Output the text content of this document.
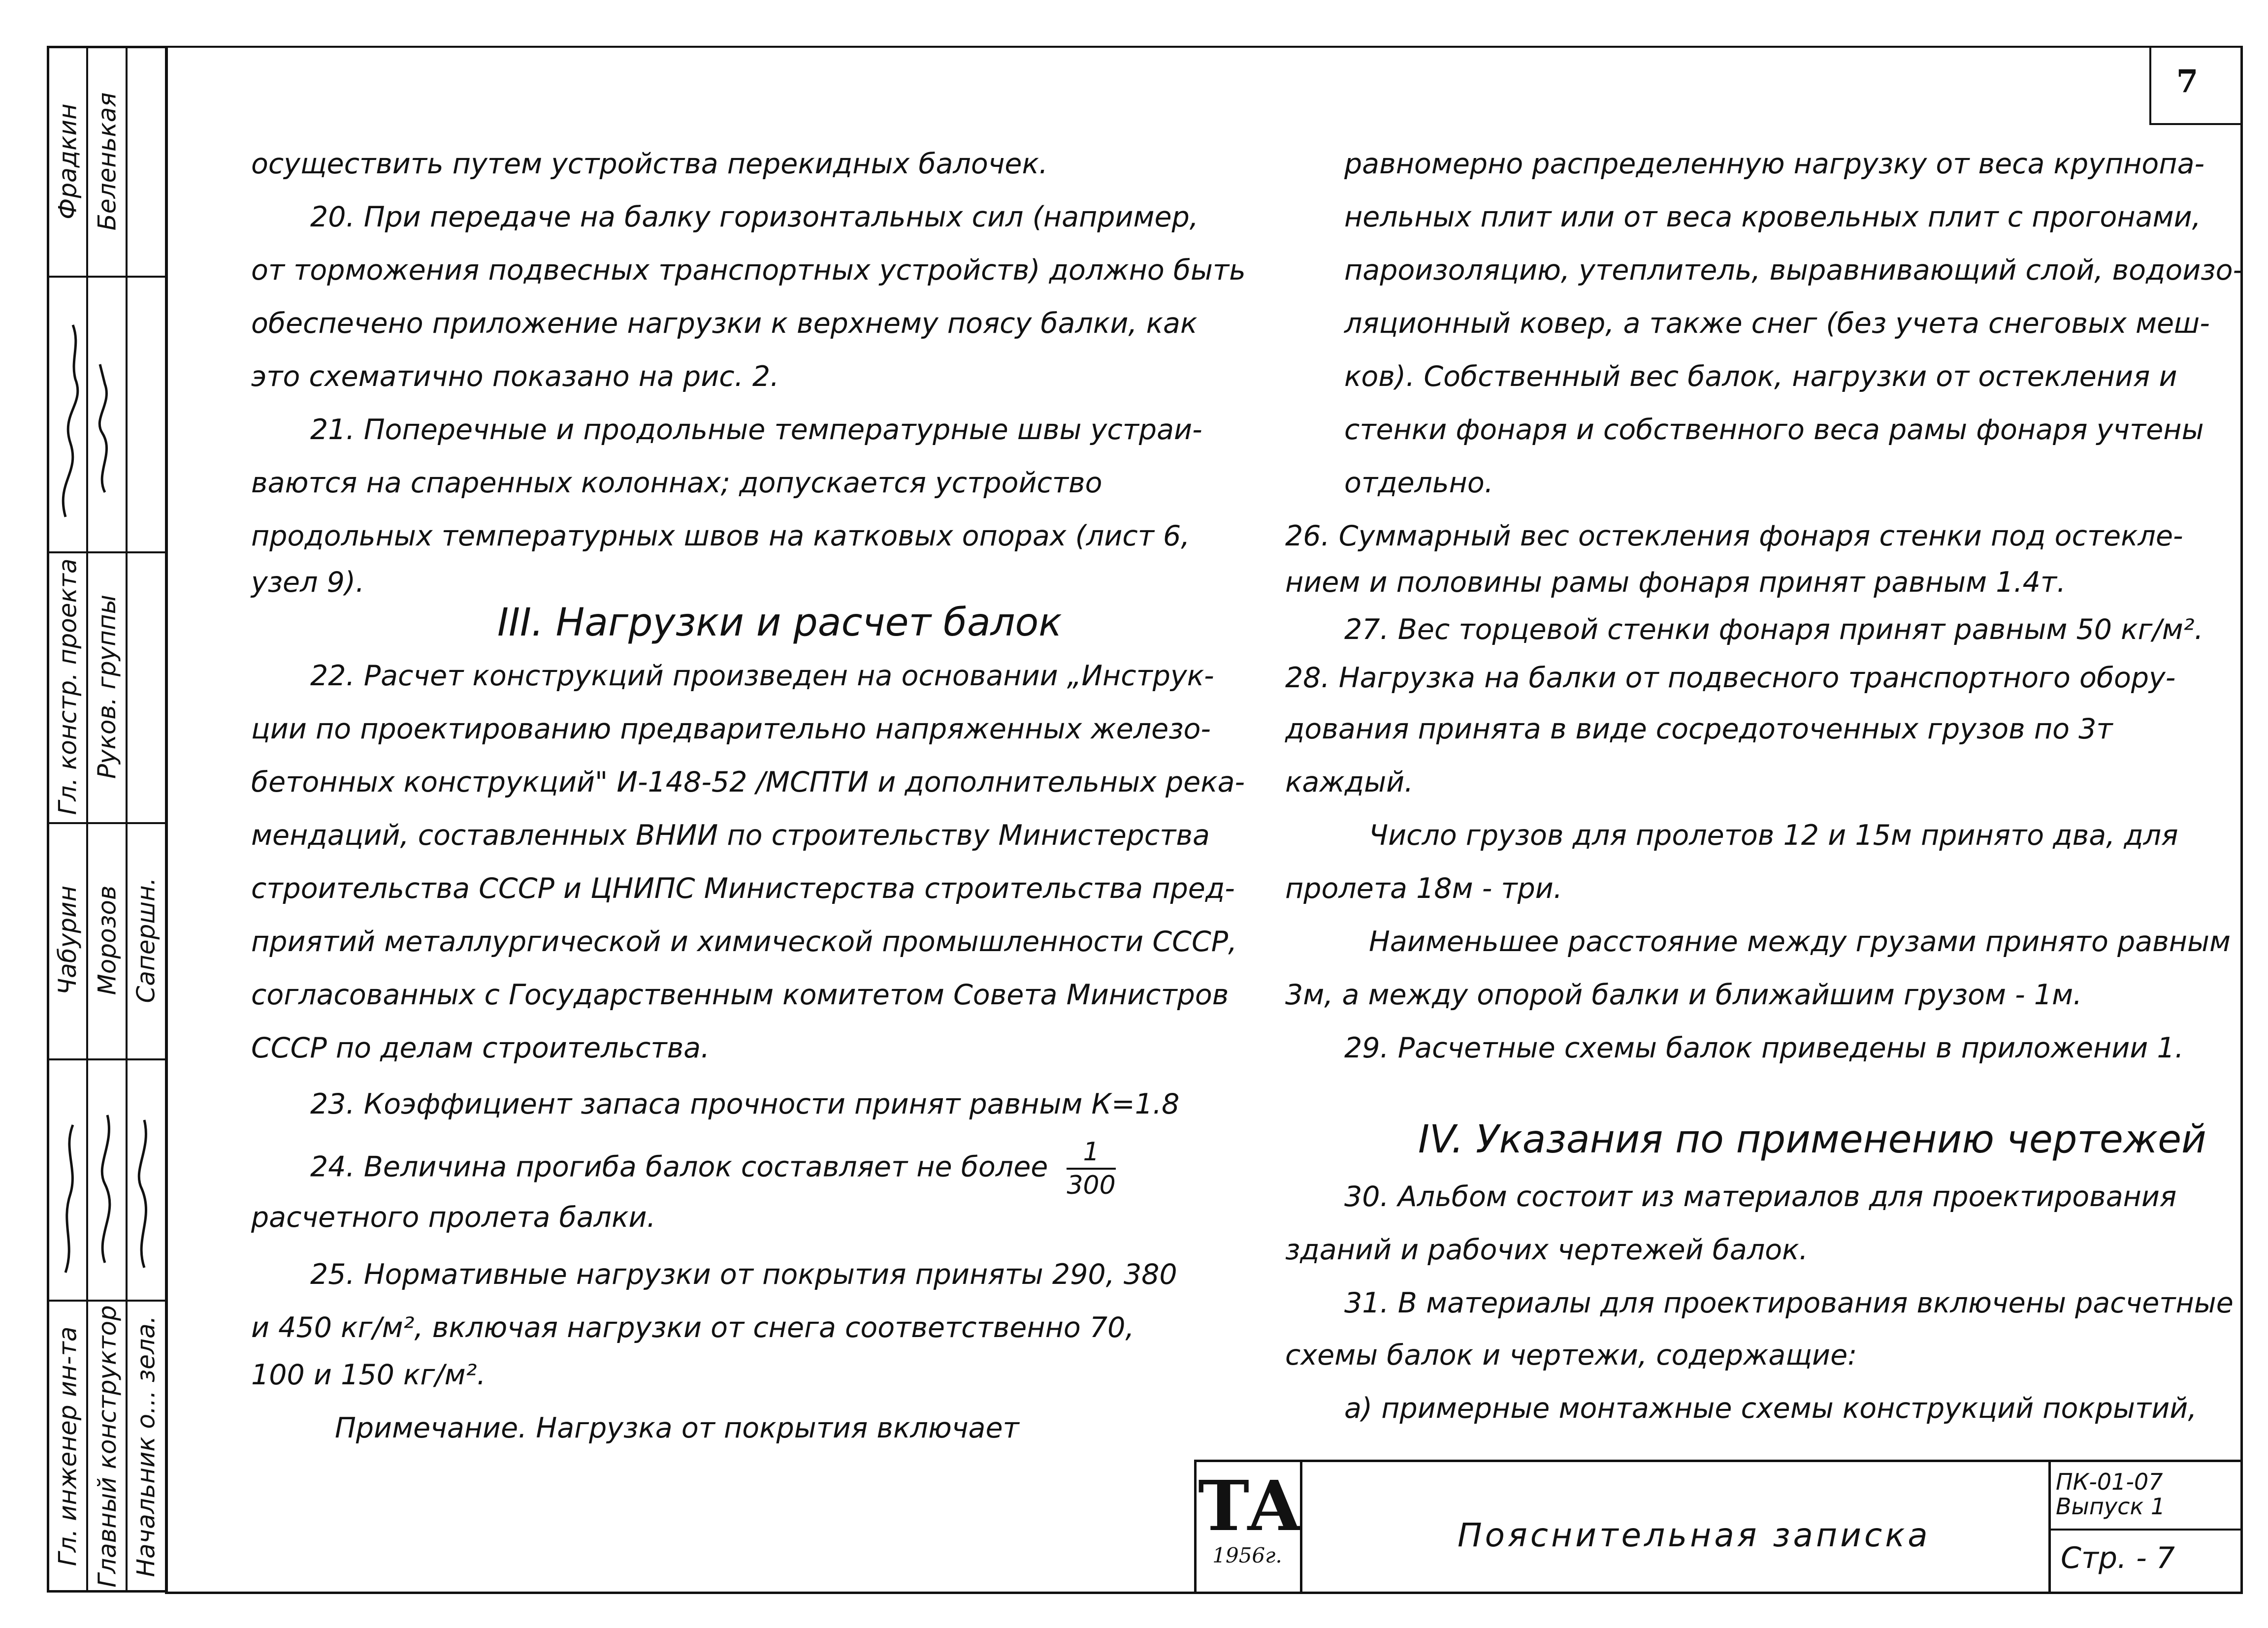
7
Фрадкин Беленькая
Гл. констр. проекта Руков. группы
Чабурин Морозов Сапершн.
Гл. инженер ин-та Главный конструктор Начальник о... зела.
осуществить путем устройства перекидных балочек.
20. При передаче на балку горизонтальных сил (например,
от торможения подвесных транспортных устройств) должно быть
обеспечено приложение нагрузки к верхнему поясу балки, как
это схематично показано на рис. 2.
21. Поперечные и продольные температурные швы устраи-
ваются на спаренных колоннах; допускается устройство
продольных температурных швов на катковых опорах (лист 6,
узел 9).
III. Нагрузки и расчет балок
22. Расчет конструкций произведен на основании „Инструк-
ции по проектированию предварительно напряженных железо-
бетонных конструкций" И-148-52 /МСПТИ и дополнительных река-
мендаций, составленных ВНИИ по строительству Министерства
строительства СССР и ЦНИПС Министерства строительства пред-
приятий металлургической и химической промышленности СССР,
согласованных с Государственным комитетом Совета Министров
СССР по делам строительства.
23. Коэффициент запаса прочности принят равным К=1.8
24. Величина прогиба балок составляет не более $\frac{1}{300}$
расчетного пролета балки.
25. Нормативные нагрузки от покрытия приняты 290, 380
и 450 кг/м², включая нагрузки от снега соответственно 70,
100 и 150 кг/м².
Примечание. Нагрузка от покрытия включает
равномерно распределенную нагрузку от веса крупнопа-
нельных плит или от веса кровельных плит с прогонами,
пароизоляцию, утеплитель, выравнивающий слой, водоизо-
ляционный ковер, а также снег (без учета снеговых меш-
ков). Собственный вес балок, нагрузки от остекления и
стенки фонаря и собственного веса рамы фонаря учтены
отдельно.
26. Суммарный вес остекления фонаря стенки под остекле-
нием и половины рамы фонаря принят равным 1.4т.
27. Вес торцевой стенки фонаря принят равным 50 кг/м².
28. Нагрузка на балки от подвесного транспортного обору-
дования принята в виде сосредоточенных грузов по 3т
каждый.
Число грузов для пролетов 12 и 15м принято два, для
пролета 18м - три.
Наименьшее расстояние между грузами принято равным
3м, а между опорой балки и ближайшим грузом - 1м.
29. Расчетные схемы балок приведены в приложении 1.
IV. Указания по применению чертежей
30. Альбом состоит из материалов для проектирования
зданий и рабочих чертежей балок.
31. В материалы для проектирования включены расчетные
схемы балок и чертежи, содержащие:
а) примерные монтажные схемы конструкций покрытий,
ТА
1956г.
Пояснительная записка
ПК-01-07
Выпуск 1
Стр. - 7
